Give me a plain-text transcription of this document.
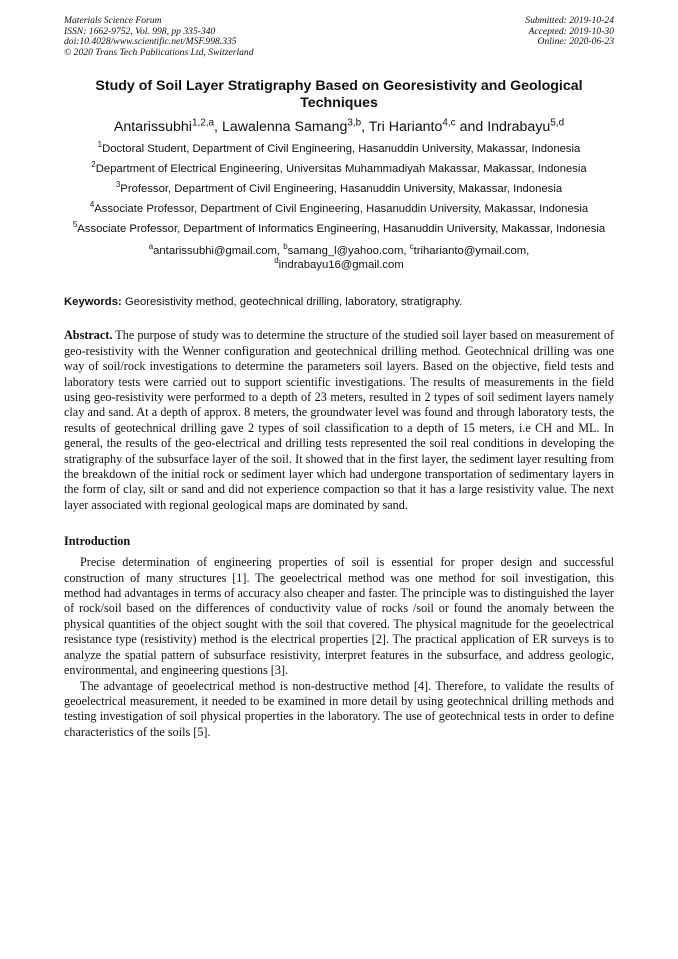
Materials Science Forum
ISSN: 1662-9752, Vol. 998, pp 335-340
doi:10.4028/www.scientific.net/MSF.998.335
© 2020 Trans Tech Publications Ltd, Switzerland
Submitted: 2019-10-24
Accepted: 2019-10-30
Online: 2020-06-23
Study of Soil Layer Stratigraphy Based on Georesistivity and Geological Techniques
Antarissubhi$^{1,2,a}$, Lawalenna Samang$^{3,b}$, Tri Harianto$^{4,c}$ and Indrabayu$^{5,d}$
$^1$Doctoral Student, Department of Civil Engineering, Hasanuddin University, Makassar, Indonesia
$^2$Department of Electrical Engineering, Universitas Muhammadiyah Makassar, Makassar, Indonesia
$^3$Professor, Department of Civil Engineering, Hasanuddin University, Makassar, Indonesia
$^4$Associate Professor, Department of Civil Engineering, Hasanuddin University, Makassar, Indonesia
$^5$Associate Professor, Department of Informatics Engineering, Hasanuddin University, Makassar, Indonesia
$^a$antarissubhi@gmail.com, $^b$samang_l@yahoo.com, $^c$triharianto@ymail.com,
$^d$indrabayu16@gmail.com
Keywords: Georesistivity method, geotechnical drilling, laboratory, stratigraphy.
Abstract. The purpose of study was to determine the structure of the studied soil layer based on measurement of geo-resistivity with the Wenner configuration and geotechnical drilling method. Geotechnical drilling was one way of soil/rock investigations to determine the parameters soil layers. Based on the objective, field tests and laboratory tests were carried out to support scientific investigations. The results of measurements in the field using geo-resistivity were performed to a depth of 23 meters, resulted in 2 types of soil sediment layers namely clay and sand. At a depth of approx. 8 meters, the groundwater level was found and through laboratory tests, the results of geotechnical drilling gave 2 types of soil classification to a depth of 15 meters, i.e CH and ML. In general, the results of the geo-electrical and drilling tests represented the soil real conditions in developing the stratigraphy of the subsurface layer of the soil. It showed that in the first layer, the sediment layer resulting from the breakdown of the initial rock or sediment layer which had undergone transportation of sedimentary layers in the form of clay, silt or sand and did not experience compaction so that it has a large resistivity value. The next layer associated with regional geological maps are dominated by sand.
Introduction
Precise determination of engineering properties of soil is essential for proper design and successful construction of many structures [1]. The geoelectrical method was one method for soil investigation, this method had advantages in terms of accuracy also cheaper and faster. The principle was to distinguished the layer of rock/soil based on the differences of conductivity value of rocks /soil or found the anomaly between the physical quantities of the object sought with the soil that covered. The physical magnitude for the geoelectrical resistance type (resistivity) method is the electrical properties [2]. The practical application of ER surveys is to analyze the spatial pattern of subsurface resistivity, interpret features in the subsurface, and address geologic, environmental, and engineering questions [3].
The advantage of geoelectrical method is non-destructive method [4]. Therefore, to validate the results of geoelectrical measurement, it needed to be examined in more detail by using geotechnical drilling methods and testing investigation of soil physical properties in the laboratory. The use of geotechnical tests in order to define characteristics of the soils [5].
